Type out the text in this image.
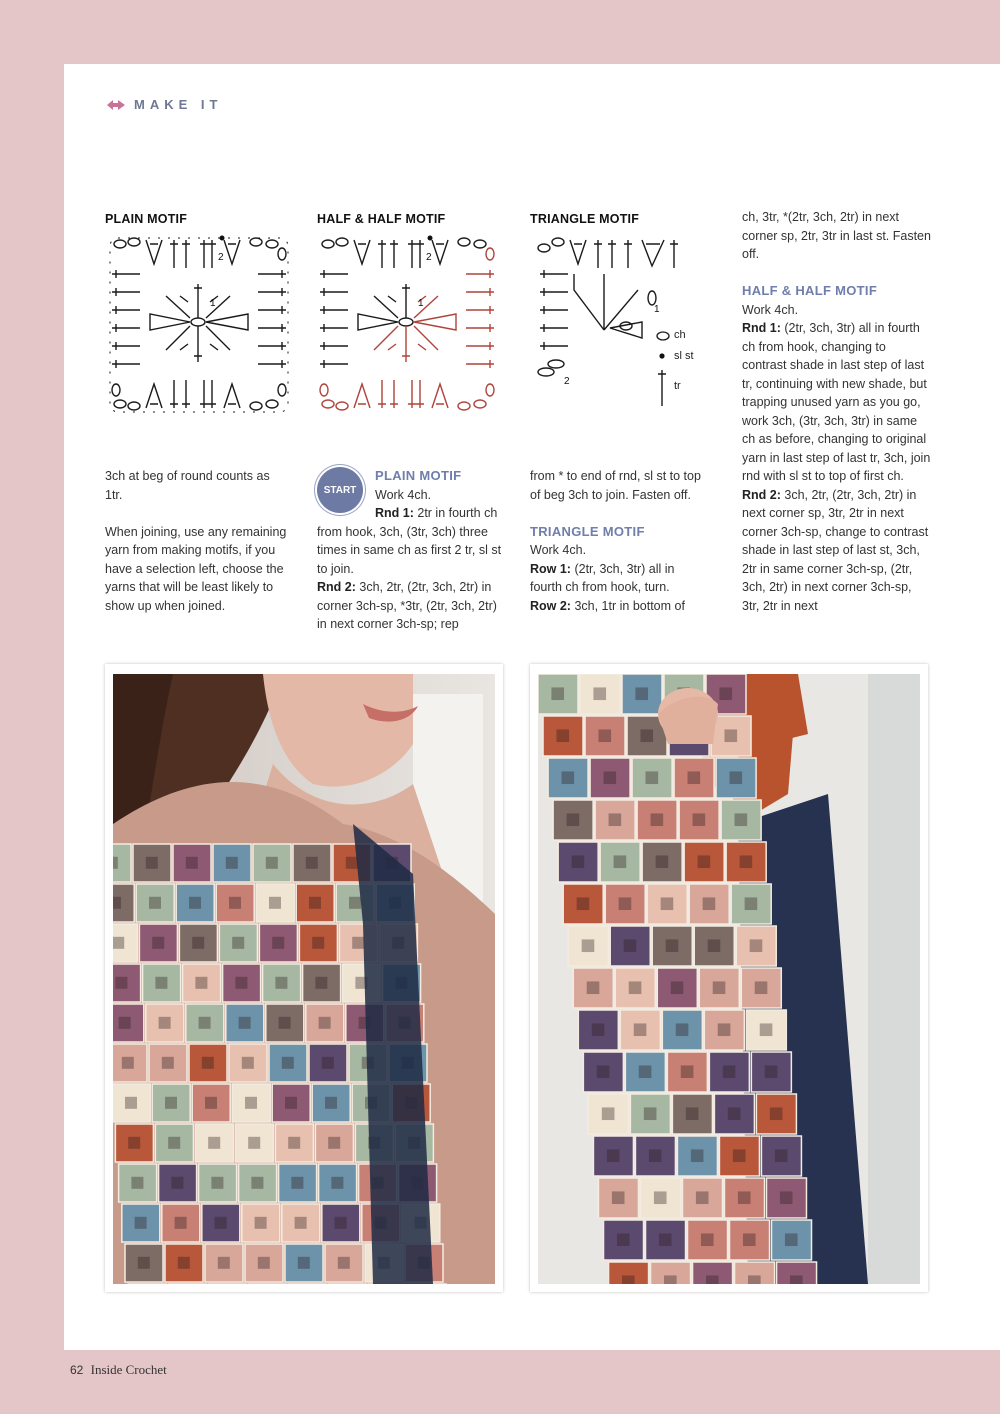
MAKE IT
PLAIN MOTIF	HALF & HALF MOTIF	TRIANGLE MOTIF
2
1
2
1
1
2
ch
sl st
tr

3ch at beg of round counts as 1tr.

When joining, use any remaining yarn from making motifs, if you have a selection left, choose the yarns that will be least likely to show up when joined.

START
PLAIN MOTIF

Work 4ch.

Rnd 1: 2tr in fourth ch from hook, 3ch, (3tr, 3ch) three times in same ch as first 2 tr, sl st to join.

Rnd 2: 3ch, 2tr, (2tr, 3ch, 2tr) in corner 3ch-sp, *3tr, (2tr, 3ch, 2tr) in next corner 3ch-sp; rep

from * to end of rnd, sl st to top of beg 3ch to join. Fasten off.

TRIANGLE MOTIF

Work 4ch.

Row 1: (2tr, 3ch, 3tr) all in fourth ch from hook, turn.

Row 2: 3ch, 1tr in bottom of

ch, 3tr, *(2tr, 3ch, 2tr) in next corner sp, 2tr, 3tr in last st. Fasten off.

HALF & HALF MOTIF

Work 4ch.

Rnd 1: (2tr, 3ch, 3tr) all in fourth ch from hook, changing to contrast shade in last step of last tr, continuing with new shade, but trapping unused yarn as you go, work 3ch, (3tr, 3ch, 3tr) in same ch as before, changing to original yarn in last step of last tr, 3ch, join rnd with sl st to top of first ch.

Rnd 2: 3ch, 2tr, (2tr, 3ch, 2tr) in next corner sp, 3tr, 2tr in next corner 3ch-sp, change to contrast shade in last step of last st, 3ch, 2tr in same corner 3ch-sp, (2tr, 3ch, 2tr) in next corner 3ch-sp, 3tr, 2tr in next

62 Inside Crochet
